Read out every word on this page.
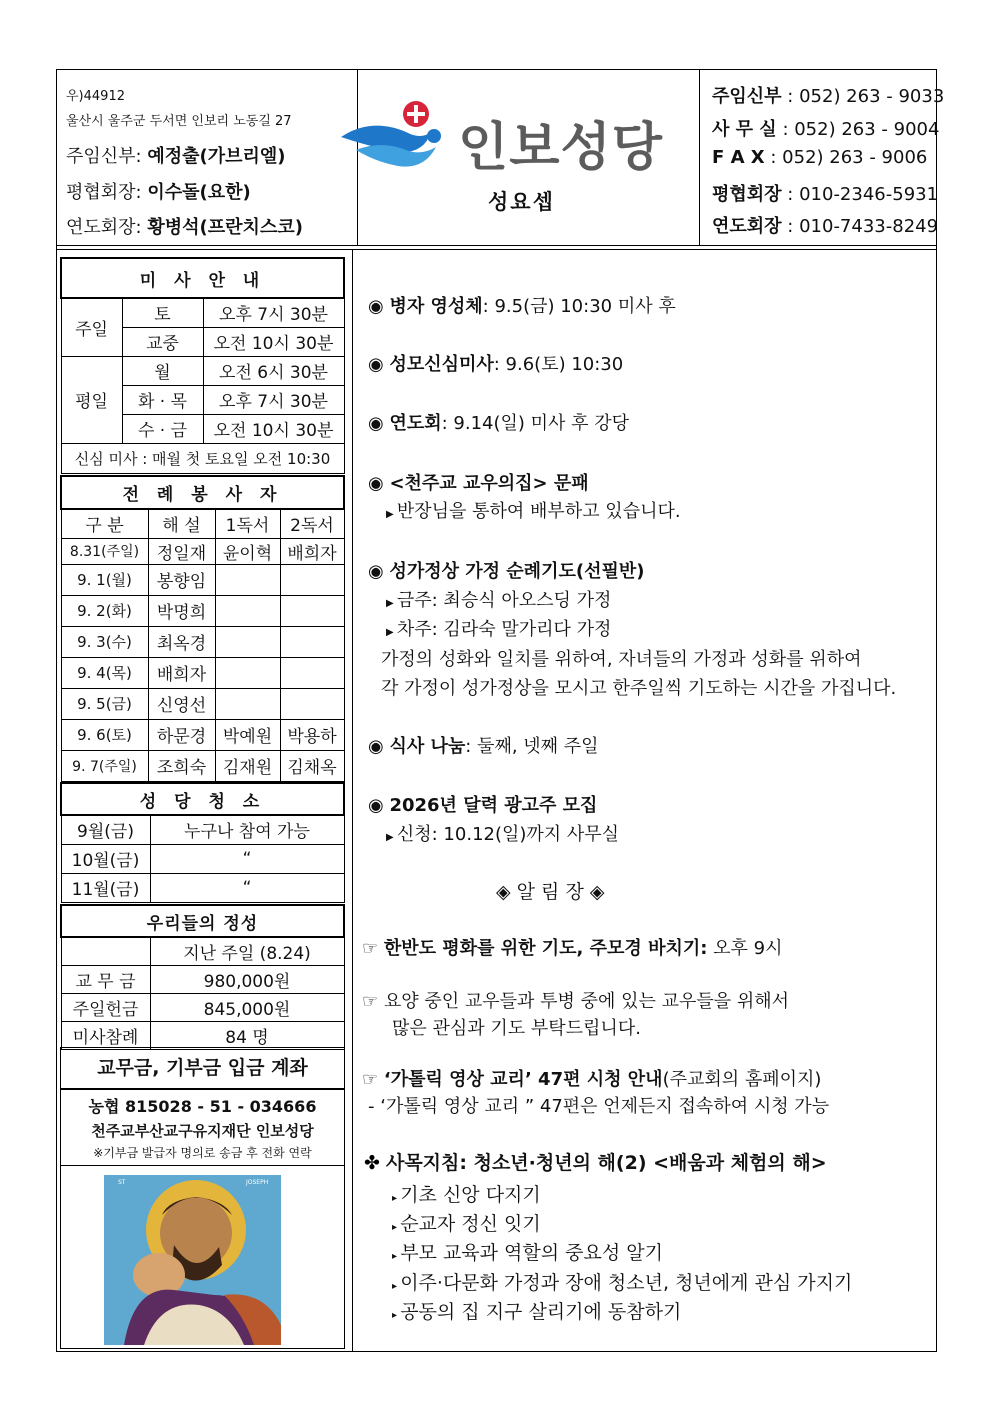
우)44912
울산시 울주군 두서면 인보리 노동길 27
주임신부: 예정출(가브리엘)
평협회장: 이수돌(요한)
연도회장: 황병석(프란치스코)
인보성당
성요셉
주임신부 : 052) 263 - 9033
사 무 실 : 052) 263 - 9004
F A X : 052) 263 - 9006
평협회장 : 010-2346-5931
연도회장 : 010-7433-8249
미 사 안 내		
주일	토	오후 7시 30분
	교중	오전 10시 30분
평일	월	오전 6시 30분
	화 · 목	오후 7시 30분
	수 · 금	오전 10시 30분
신심 미사 : 매월 첫 토요일 오전 10:30		
전 례 봉 사 자			
구 분	해 설	1독서	2독서
8.31(주일)	정일재	윤이혁	배희자
9. 1(월)	봉향임		
9. 2(화)	박명희		
9. 3(수)	최옥경		
9. 4(목)	배희자		
9. 5(금)	신영선		
9. 6(토)	하문경	박예원	박용하
9. 7(주일)	조희숙	김재원	김채옥
성 당 청 소	
9월(금)	누구나 참여 가능
10월(금)	“
11월(금)	“
우리들의 정성	
	지난 주일 (8.24)
교 무 금	980,000원
주일헌금	845,000원
미사참례	84 명
교무금, 기부금 입금 계좌
농협 815028 - 51 - 034666
천주교부산교구유지재단 인보성당
※기부금 발급자 명의로 송금 후 전화 연락
ST	JOSEPH
◉ 병자 영성체: 9.5(금) 10:30 미사 후
◉ 성모신심미사: 9.6(토) 10:30
◉ 연도회: 9.14(일) 미사 후 강당
◉ <천주교 교우의집> 문패
▶ 반장님을 통하여 배부하고 있습니다.
◉ 성가정상 가정 순례기도(선필반)
▶ 금주: 최승식 아오스딩 가정
▶ 차주: 김라숙 말가리다 가정
가정의 성화와 일치를 위하여, 자녀들의 가정과 성화를 위하여
각 가정이 성가정상을 모시고 한주일씩 기도하는 시간을 가집니다.
◉ 식사 나눔: 둘째, 넷째 주일
◉ 2026년 달력 광고주 모집
▶ 신청: 10.12(일)까지 사무실
◈ 알 림 장 ◈
☞ 한반도 평화를 위한 기도, 주모경 바치기: 오후 9시
☞ 요양 중인 교우들과 투병 중에 있는 교우들을 위해서
많은 관심과 기도 부탁드립니다.
☞ ‘가톨릭 영상 교리’ 47편 시청 안내(주교회의 홈페이지)
- ‘가톨릭 영상 교리 ” 47편은 언제든지 접속하여 시청 가능
✤ 사목지침: 청소년·청년의 해(2) <배움과 체험의 해>
▸ 기초 신앙 다지기
▸ 순교자 정신 잇기
▸ 부모 교육과 역할의 중요성 알기
▸ 이주·다문화 가정과 장애 청소년, 청년에게 관심 가지기
▸ 공동의 집 지구 살리기에 동참하기
